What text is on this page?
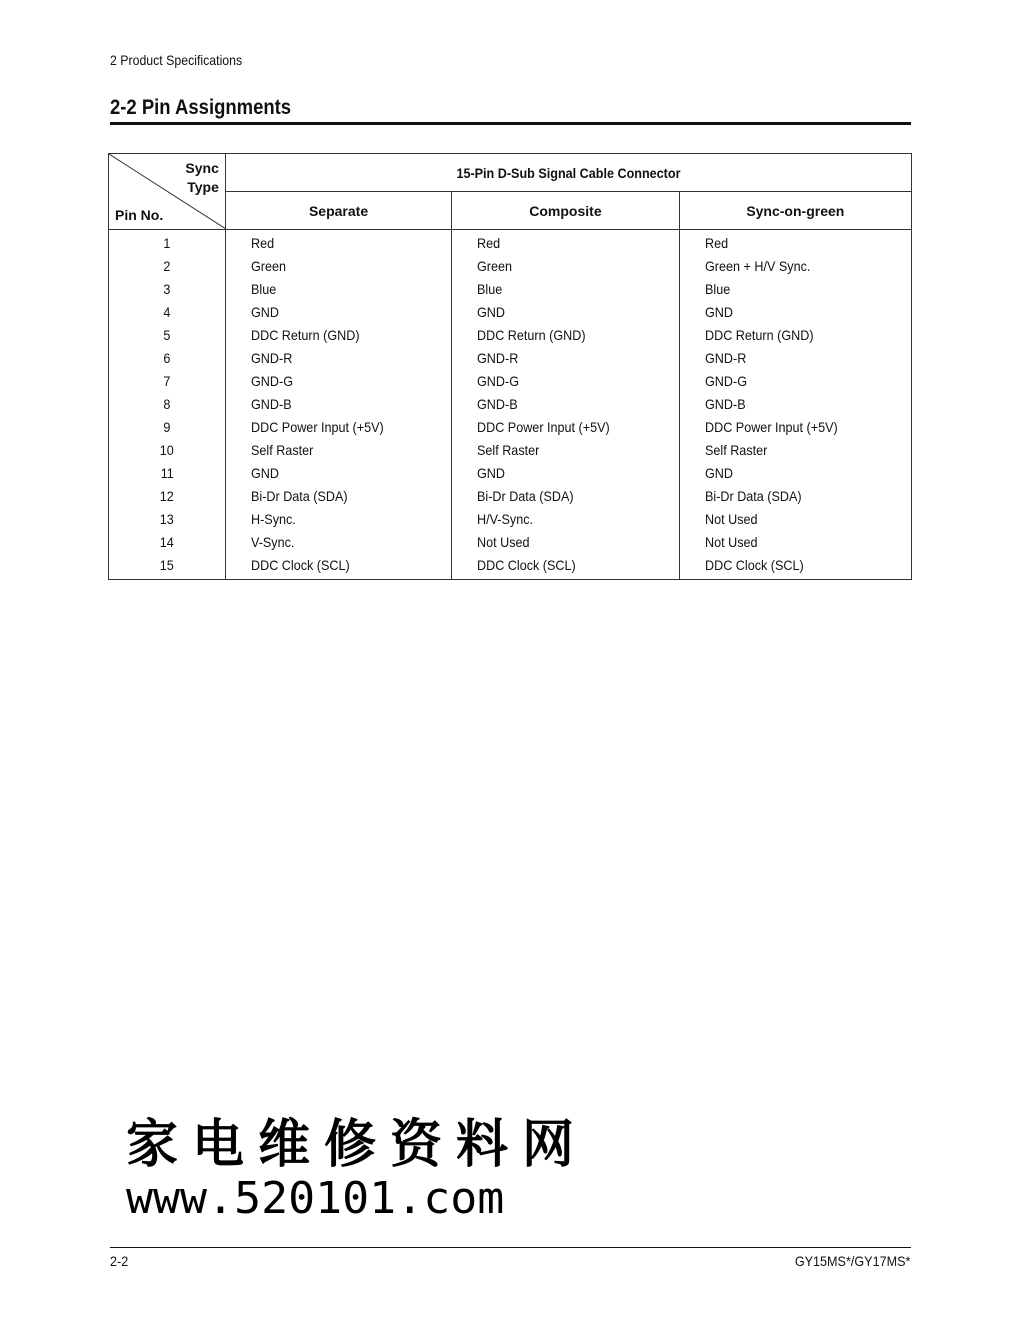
2 Product Specifications
2-2 Pin Assignments
Sync
Type
Pin No.	15-Pin D-Sub Signal Cable Connector		
	Separate	Composite	Sync-on-green
1	Red	Red	Red
2	Green	Green	Green + H/V Sync.
3	Blue	Blue	Blue
4	GND	GND	GND
5	DDC Return (GND)	DDC Return (GND)	DDC Return (GND)
6	GND-R	GND-R	GND-R
7	GND-G	GND-G	GND-G
8	GND-B	GND-B	GND-B
9	DDC Power Input (+5V)	DDC Power Input (+5V)	DDC Power Input (+5V)
10	Self Raster	Self Raster	Self Raster
11	GND	GND	GND
12	Bi-Dr Data (SDA)	Bi-Dr Data (SDA)	Bi-Dr Data (SDA)
13	H-Sync.	H/V-Sync.	Not Used
14	V-Sync.	Not Used	Not Used
15	DDC Clock (SCL)	DDC Clock (SCL)	DDC Clock (SCL)
家电维修资料网
www.520101.com
2-2	GY15MS*/GY17MS*
